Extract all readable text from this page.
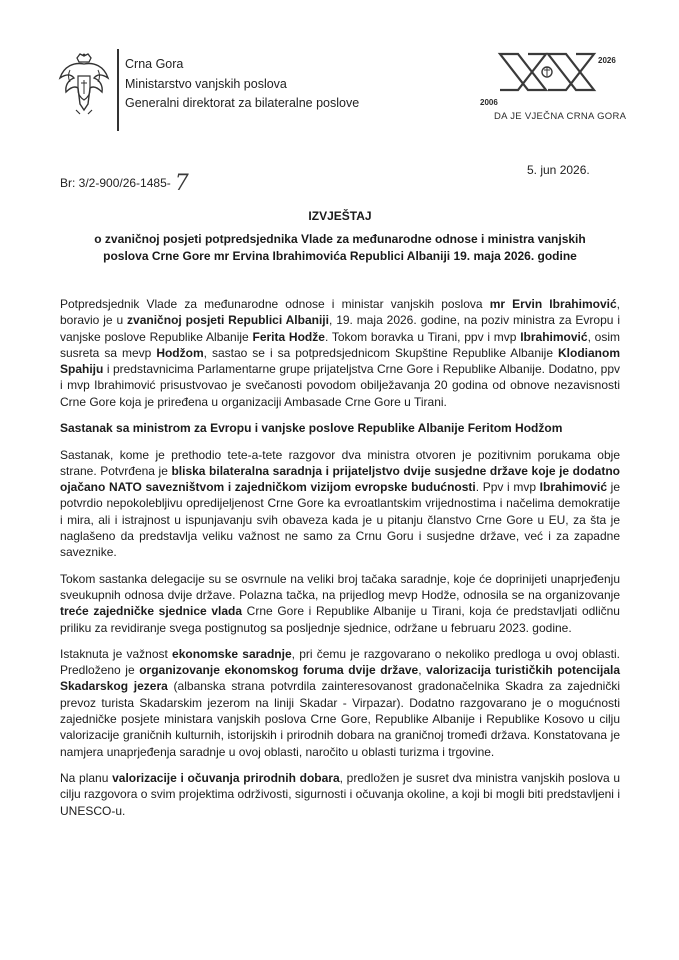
Crna Gora
Ministarstvo vanjskih poslova
Generalni direktorat za bilateralne poslove	2006
2026
DA JE VJEČNA CRNA GORA
Br: 3/2-900/26-1485- 7
5. jun 2026.
IZVJEŠTAJ
o zvaničnoj posjeti potpredsjednika Vlade za međunarodne odnose i ministra vanjskih poslova Crne Gore mr Ervina Ibrahimovića Republici Albaniji 19. maja 2026. godine

Potpredsjednik Vlade za međunarodne odnose i ministar vanjskih poslova mr Ervin Ibrahimović, boravio je u zvaničnoj posjeti Republici Albaniji, 19. maja 2026. godine, na poziv ministra za Evropu i vanjske poslove Republike Albanije Ferita Hodže. Tokom boravka u Tirani, ppv i mvp Ibrahimović, osim susreta sa mevp Hodžom, sastao se i sa potpredsjednicom Skupštine Republike Albanije Klodianom Spahiju i predstavnicima Parlamentarne grupe prijateljstva Crne Gore i Republike Albanije. Dodatno, ppv i mvp Ibrahimović prisustvovao je svečanosti povodom obilježavanja 20 godina od obnove nezavisnosti Crne Gore koja je priređena u organizaciji Ambasade Crne Gore u Tirani.

Sastanak sa ministrom za Evropu i vanjske poslove Republike Albanije Feritom Hodžom

Sastanak, kome je prethodio tete-a-tete razgovor dva ministra otvoren je pozitivnim porukama obje strane. Potvrđena je bliska bilateralna saradnja i prijateljstvo dvije susjedne države koje je dodatno ojačano NATO savezništvom i zajedničkom vizijom evropske budućnosti. Ppv i mvp Ibrahimović je potvrdio nepokolebljivu opredijeljenost Crne Gore ka evroatlantskim vrijednostima i načelima demokratije i mira, ali i istrajnost u ispunjavanju svih obaveza kada je u pitanju članstvo Crne Gore u EU, za šta je naglašeno da predstavlja veliku važnost ne samo za Crnu Goru i susjedne države, već i za zapadne saveznike.

Tokom sastanka delegacije su se osvrnule na veliki broj tačaka saradnje, koje će doprinijeti unaprjeđenju sveukupnih odnosa dvije države. Polazna tačka, na prijedlog mevp Hodže, odnosila se na organizovanje treće zajedničke sjednice vlada Crne Gore i Republike Albanije u Tirani, koja će predstavljati odličnu priliku za revidiranje svega postignutog sa posljednje sjednice, održane u februaru 2023. godine.

Istaknuta je važnost ekonomske saradnje, pri čemu je razgovarano o nekoliko predloga u ovoj oblasti. Predloženo je organizovanje ekonomskog foruma dvije države, valorizacija turističkih potencijala Skadarskog jezera (albanska strana potvrdila zainteresovanost gradonačelnika Skadra za zajednički prevoz turista Skadarskim jezerom na liniji Skadar - Virpazar). Dodatno razgovarano je o mogućnosti zajedničke posjete ministara vanjskih poslova Crne Gore, Republike Albanije i Republike Kosovo u cilju valorizacije graničnih kulturnih, istorijskih i prirodnih dobara na graničnoj tromeđi država. Konstatovana je namjera unaprjeđenja saradnje u ovoj oblasti, naročito u oblasti turizma i trgovine.

Na planu valorizacije i očuvanja prirodnih dobara, predložen je susret dva ministra vanjskih poslova u cilju razgovora o svim projektima održivosti, sigurnosti i očuvanja okoline, a koji bi mogli biti predstavljeni i UNESCO-u.
